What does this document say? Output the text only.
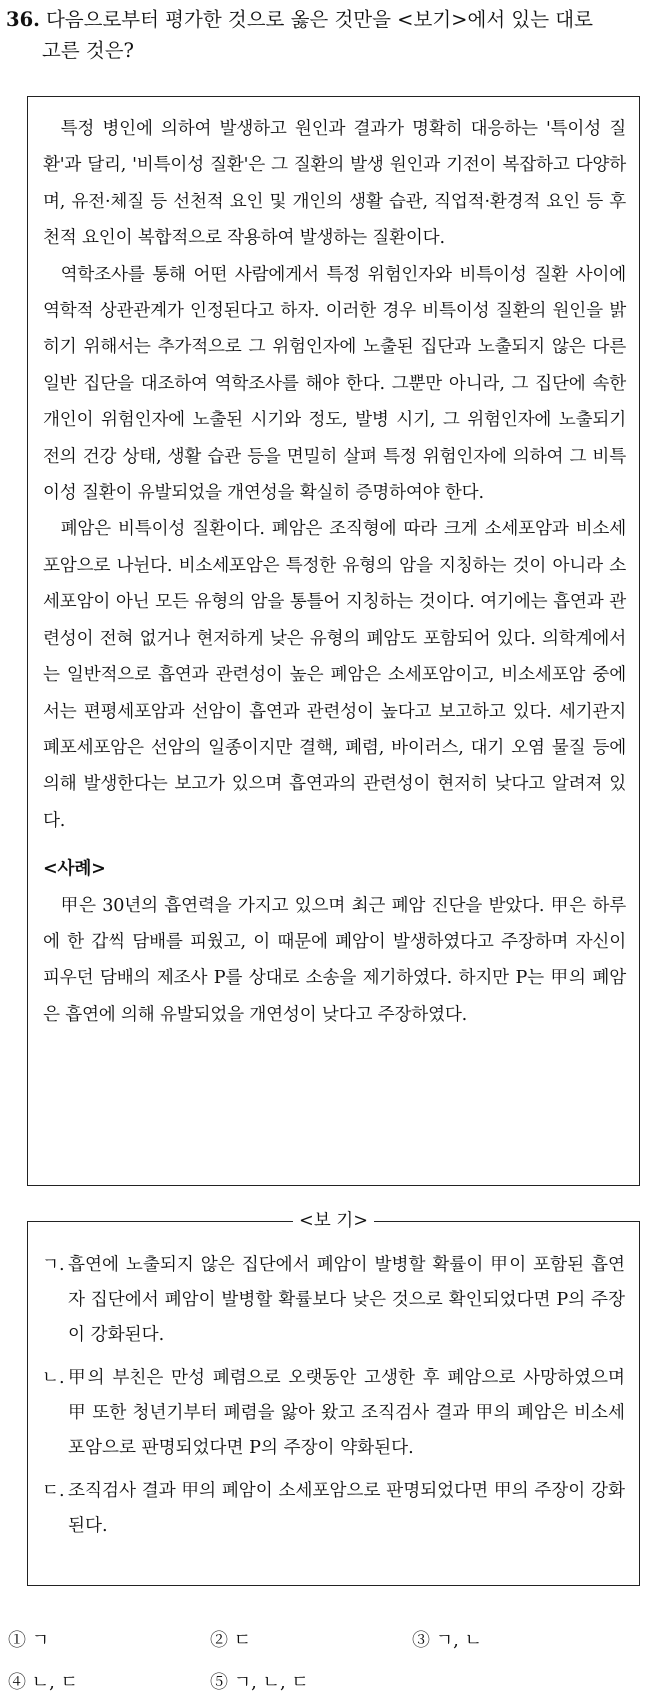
36. 다음으로부터 평가한 것으로 옳은 것만을 <보기>에서 있는 대로
고른 것은?

특정 병인에 의하여 발생하고 원인과 결과가 명확히 대응하는 '특이성 질환'과 달리, '비특이성 질환'은 그 질환의 발생 원인과 기전이 복잡하고 다양하며, 유전·체질 등 선천적 요인 및 개인의 생활 습관, 직업적·환경적 요인 등 후천적 요인이 복합적으로 작용하여 발생하는 질환이다.

역학조사를 통해 어떤 사람에게서 특정 위험인자와 비특이성 질환 사이에 역학적 상관관계가 인정된다고 하자. 이러한 경우 비특이성 질환의 원인을 밝히기 위해서는 추가적으로 그 위험인자에 노출된 집단과 노출되지 않은 다른 일반 집단을 대조하여 역학조사를 해야 한다. 그뿐만 아니라, 그 집단에 속한 개인이 위험인자에 노출된 시기와 정도, 발병 시기, 그 위험인자에 노출되기 전의 건강 상태, 생활 습관 등을 면밀히 살펴 특정 위험인자에 의하여 그 비특이성 질환이 유발되었을 개연성을 확실히 증명하여야 한다.

폐암은 비특이성 질환이다. 폐암은 조직형에 따라 크게 소세포암과 비소세포암으로 나뉜다. 비소세포암은 특정한 유형의 암을 지칭하는 것이 아니라 소세포암이 아닌 모든 유형의 암을 통틀어 지칭하는 것이다. 여기에는 흡연과 관련성이 전혀 없거나 현저하게 낮은 유형의 폐암도 포함되어 있다. 의학계에서는 일반적으로 흡연과 관련성이 높은 폐암은 소세포암이고, 비소세포암 중에서는 편평세포암과 선암이 흡연과 관련성이 높다고 보고하고 있다. 세기관지 폐포세포암은 선암의 일종이지만 결핵, 폐렴, 바이러스, 대기 오염 물질 등에 의해 발생한다는 보고가 있으며 흡연과의 관련성이 현저히 낮다고 알려져 있다.

<사례>

甲은 30년의 흡연력을 가지고 있으며 최근 폐암 진단을 받았다. 甲은 하루에 한 갑씩 담배를 피웠고, 이 때문에 폐암이 발생하였다고 주장하며 자신이 피우던 담배의 제조사 P를 상대로 소송을 제기하였다. 하지만 P는 甲의 폐암은 흡연에 의해 유발되었을 개연성이 낮다고 주장하였다.

<보 기>
ㄱ. 흡연에 노출되지 않은 집단에서 폐암이 발병할 확률이 甲이 포함된 흡연자 집단에서 폐암이 발병할 확률보다 낮은 것으로 확인되었다면 P의 주장이 강화된다.
ㄴ. 甲의 부친은 만성 폐렴으로 오랫동안 고생한 후 폐암으로 사망하였으며 甲 또한 청년기부터 폐렴을 앓아 왔고 조직검사 결과 甲의 폐암은 비소세포암으로 판명되었다면 P의 주장이 약화된다.
ㄷ. 조직검사 결과 甲의 폐암이 소세포암으로 판명되었다면 甲의 주장이 강화된다.
① ㄱ	② ㄷ	③ ㄱ, ㄴ
④ ㄴ, ㄷ	⑤ ㄱ, ㄴ, ㄷ
